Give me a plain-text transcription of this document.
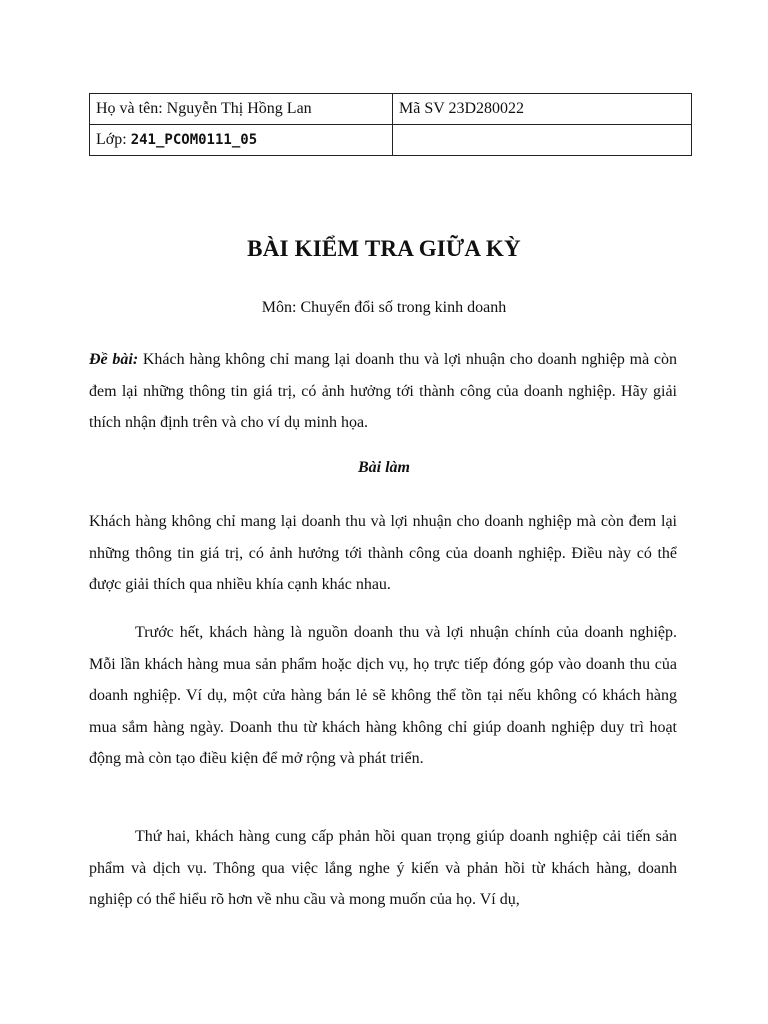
Họ và tên: Nguyễn Thị Hồng Lan	Mã SV 23D280022
Lớp: 241_PCOM0111_05	
BÀI KIỂM TRA GIỮA KỲ
Môn: Chuyển đổi số trong kinh doanh
Đề bài: Khách hàng không chỉ mang lại doanh thu và lợi nhuận cho doanh nghiệp mà còn đem lại những thông tin giá trị, có ảnh hưởng tới thành công của doanh nghiệp. Hãy giải thích nhận định trên và cho ví dụ minh họa.
Bài làm
Khách hàng không chỉ mang lại doanh thu và lợi nhuận cho doanh nghiệp mà còn đem lại những thông tin giá trị, có ảnh hưởng tới thành công của doanh nghiệp. Điều này có thể được giải thích qua nhiều khía cạnh khác nhau.
Trước hết, khách hàng là nguồn doanh thu và lợi nhuận chính của doanh nghiệp. Mỗi lần khách hàng mua sản phẩm hoặc dịch vụ, họ trực tiếp đóng góp vào doanh thu của doanh nghiệp. Ví dụ, một cửa hàng bán lẻ sẽ không thể tồn tại nếu không có khách hàng mua sắm hàng ngày. Doanh thu từ khách hàng không chỉ giúp doanh nghiệp duy trì hoạt động mà còn tạo điều kiện để mở rộng và phát triển.
Thứ hai, khách hàng cung cấp phản hồi quan trọng giúp doanh nghiệp cải tiến sản phẩm và dịch vụ. Thông qua việc lắng nghe ý kiến và phản hồi từ khách hàng, doanh nghiệp có thể hiểu rõ hơn về nhu cầu và mong muốn của họ. Ví dụ,
